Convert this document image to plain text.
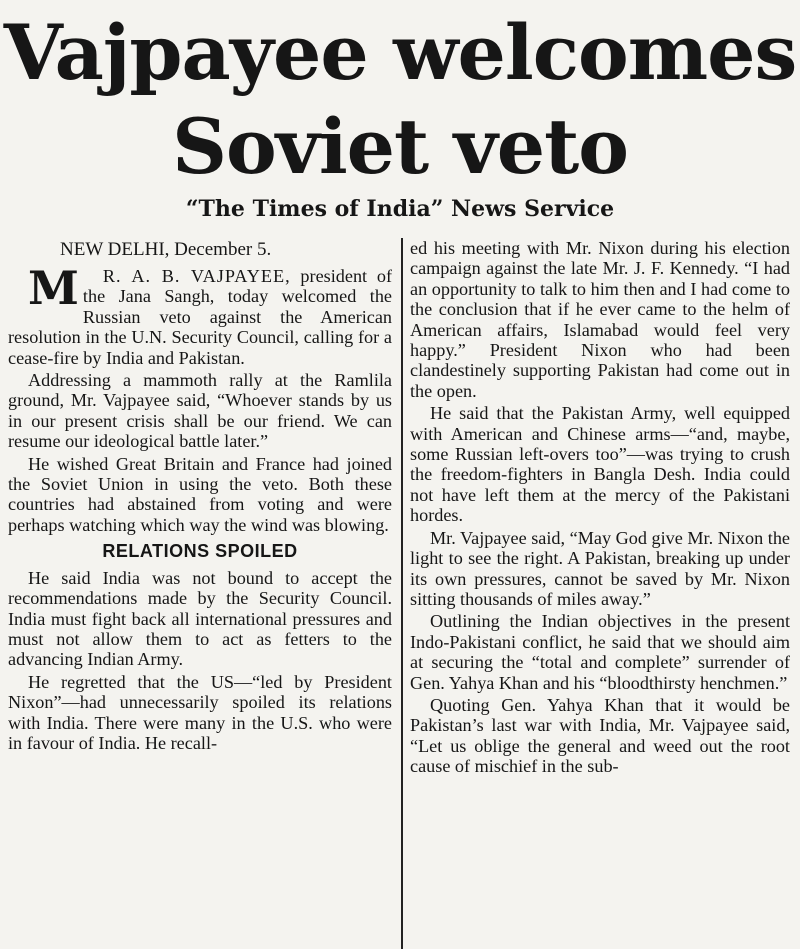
Vajpayee welcomes
Soviet veto
“The Times of India” News Service
NEW DELHI, December 5.

M R. A. B. VAJPAYEE, president of the Jana Sangh, today welcomed the Russian veto against the American resolution in the U.N. Security Council, calling for a cease-fire by India and Pakistan.

Addressing a mammoth rally at the Ramlila ground, Mr. Vajpayee said, “Whoever stands by us in our present crisis shall be our friend. We can resume our ideological battle later.”

He wished Great Britain and France had joined the Soviet Union in using the veto. Both these countries had abstained from voting and were perhaps watching which way the wind was blowing.

RELATIONS SPOILED

He said India was not bound to accept the recommendations made by the Security Council. India must fight back all international pressures and must not allow them to act as fetters to the advancing Indian Army.

He regretted that the US—“led by President Nixon”—had unnecessarily spoiled its relations with India. There were many in the U.S. who were in favour of India. He recall-

ed his meeting with Mr. Nixon during his election campaign against the late Mr. J. F. Kennedy. “I had an opportunity to talk to him then and I had come to the conclusion that if he ever came to the helm of American affairs, Islamabad would feel very happy.” President Nixon who had been clandestinely supporting Pakistan had come out in the open.

He said that the Pakistan Army, well equipped with American and Chinese arms—“and, maybe, some Russian left-overs too”—was trying to crush the freedom-fighters in Bangla Desh. India could not have left them at the mercy of the Pakistani hordes.

Mr. Vajpayee said, “May God give Mr. Nixon the light to see the right. A Pakistan, breaking up under its own pressures, cannot be saved by Mr. Nixon sitting thousands of miles away.”

Outlining the Indian objectives in the present Indo-Pakistani conflict, he said that we should aim at securing the “total and complete” surrender of Gen. Yahya Khan and his “bloodthirsty henchmen.”

Quoting Gen. Yahya Khan that it would be Pakistan’s last war with India, Mr. Vajpayee said, “Let us oblige the general and weed out the root cause of mischief in the sub-
